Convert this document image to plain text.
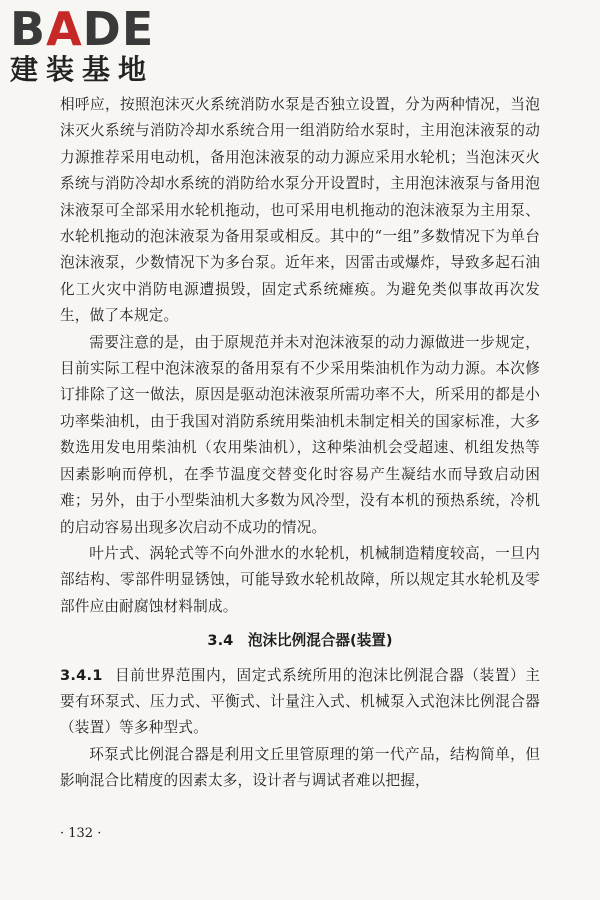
B A DE
建装基地

相呼应，按照泡沫灭火系统消防水泵是否独立设置，分为两种情况，当泡沫灭火系统与消防冷却水系统合用一组消防给水泵时，主用泡沫液泵的动力源推荐采用电动机，备用泡沫液泵的动力源应采用水轮机；当泡沫灭火系统与消防冷却水系统的消防给水泵分开设置时，主用泡沫液泵与备用泡沫液泵可全部采用水轮机拖动，也可采用电机拖动的泡沫液泵为主用泵、水轮机拖动的泡沫液泵为备用泵或相反。其中的“一组”多数情况下为单台泡沫液泵，少数情况下为多台泵。近年来，因雷击或爆炸，导致多起石油化工火灾中消防电源遭损毁，固定式系统瘫痪。为避免类似事故再次发生，做了本规定。

需要注意的是，由于原规范并未对泡沫液泵的动力源做进一步规定，目前实际工程中泡沫液泵的备用泵有不少采用柴油机作为动力源。本次修订排除了这一做法，原因是驱动泡沫液泵所需功率不大，所采用的都是小功率柴油机，由于我国对消防系统用柴油机未制定相关的国家标准，大多数选用发电用柴油机（农用柴油机），这种柴油机会受超速、机组发热等因素影响而停机，在季节温度交替变化时容易产生凝结水而导致启动困难；另外，由于小型柴油机大多数为风冷型，没有本机的预热系统，冷机的启动容易出现多次启动不成功的情况。

叶片式、涡轮式等不向外泄水的水轮机，机械制造精度较高，一旦内部结构、零部件明显锈蚀，可能导致水轮机故障，所以规定其水轮机及零部件应由耐腐蚀材料制成。

3.4　泡沫比例混合器(装置)

3.4.1 目前世界范围内，固定式系统所用的泡沫比例混合器（装置）主要有环泵式、压力式、平衡式、计量注入式、机械泵入式泡沫比例混合器（装置）等多种型式。

环泵式比例混合器是利用文丘里管原理的第一代产品，结构简单，但影响混合比精度的因素太多，设计者与调试者难以把握，

· 132 ·
